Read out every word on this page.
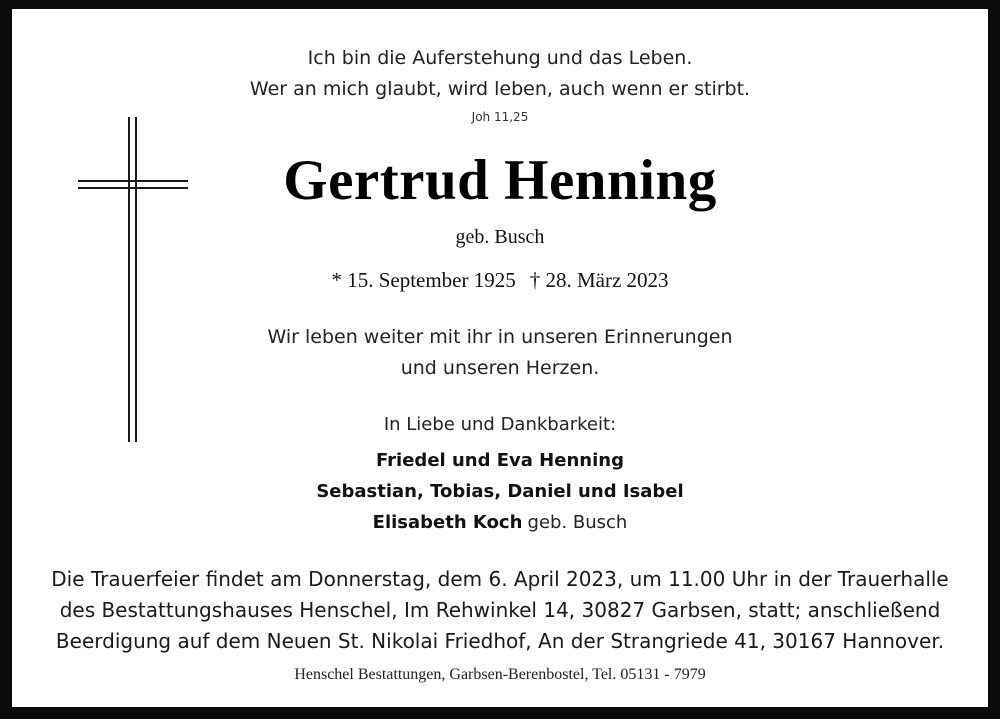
Ich bin die Auferstehung und das Leben.
Wer an mich glaubt, wird leben, auch wenn er stirbt.
Joh 11,25
Gertrud Henning
geb. Busch
* 15. September 1925 † 28. März 2023
Wir leben weiter mit ihr in unseren Erinnerungen
und unseren Herzen.
In Liebe und Dankbarkeit:
Friedel und Eva Henning
Sebastian, Tobias, Daniel und Isabel
Elisabeth Koch geb. Busch
Die Trauerfeier findet am Donnerstag, dem 6. April 2023, um 11.00 Uhr in der Trauerhalle
des Bestattungshauses Henschel, Im Rehwinkel 14, 30827 Garbsen, statt; anschließend
Beerdigung auf dem Neuen St. Nikolai Friedhof, An der Strangriede 41, 30167 Hannover.
Henschel Bestattungen, Garbsen-Berenbostel, Tel. 05131 - 7979
